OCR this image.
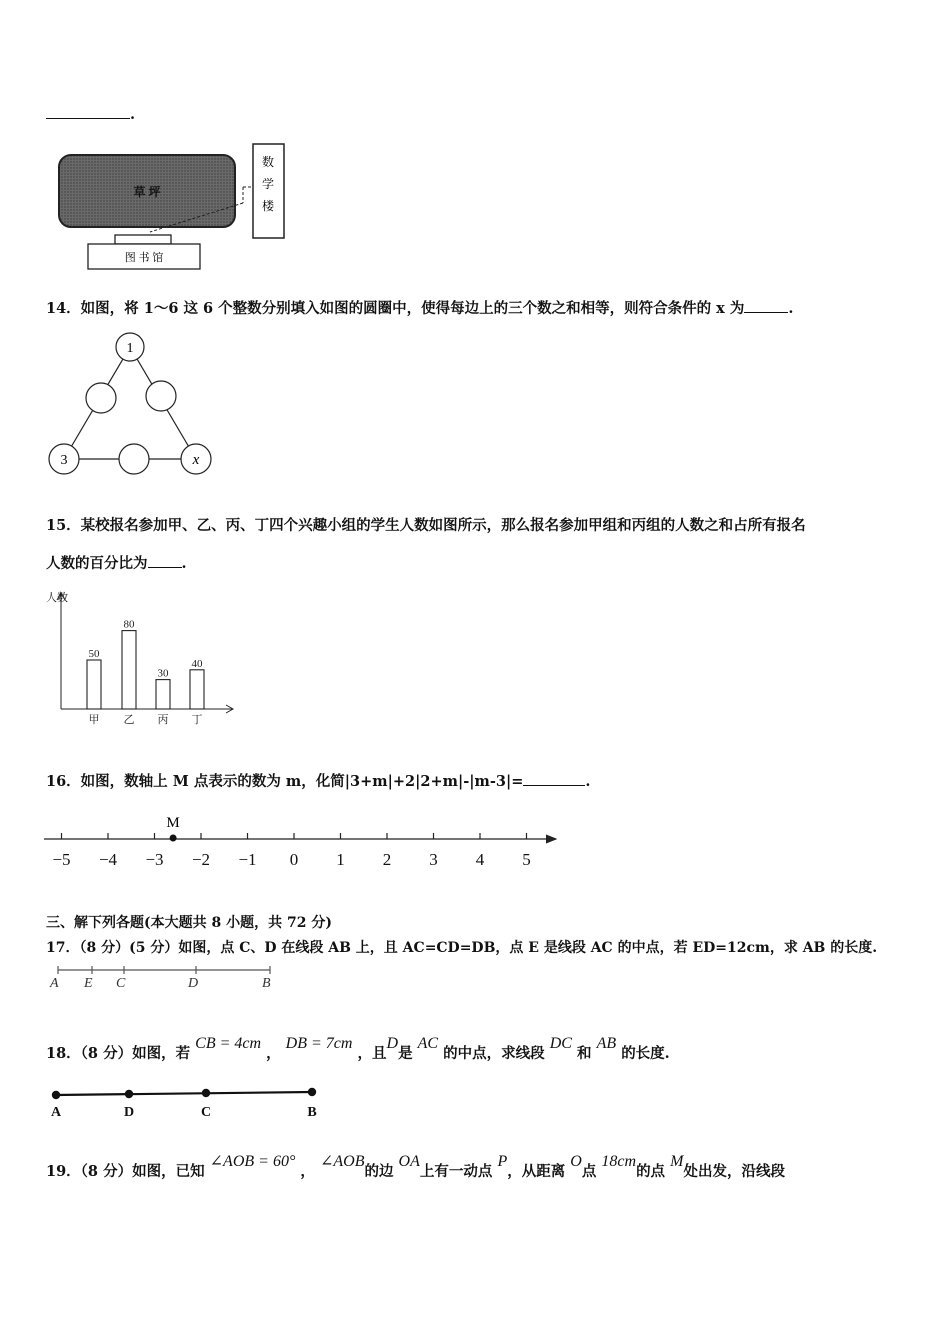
.
草 坪
数
学
楼
图 书 馆
14．如图，将 1～6 这 6 个整数分别填入如图的圆圈中，使得每边上的三个数之和相等，则符合条件的 x 为	.
1
3	x
15．某校报名参加甲、乙、丙、丁四个兴趣小组的学生人数如图所示，那么报名参加甲组和丙组的人数之和占所有报名
人数的百分比为 .
人数
50
甲
80
乙
30
丙
40
丁
16．如图，数轴上 M 点表示的数为 m，化简|3+m|+2|2+m|-|m-3|=	.
−5 −4 −3 −2 −1 0 1 2 3 4 5
M
三、解下列各题(本大题共 8 小题，共 72 分)
17．（8 分）(5 分）如图，点 C、D 在线段 AB 上，且 AC=CD=DB，点 E 是线段 AC 的中点，若 ED=12cm，求 AB 的长度.
A E C	D	B
18．（8 分）如图，若 CB = 4cm ， DB = 7cm ，且D是 AC 的中点，求线段 DC 和 AB 的长度.
A	D	C	B
19．（8 分）如图，已知 ∠AOB = 60° ， ∠AOB的边 OA上有一动点 P，从距离 O点 18cm的点 M处出发，沿线段
